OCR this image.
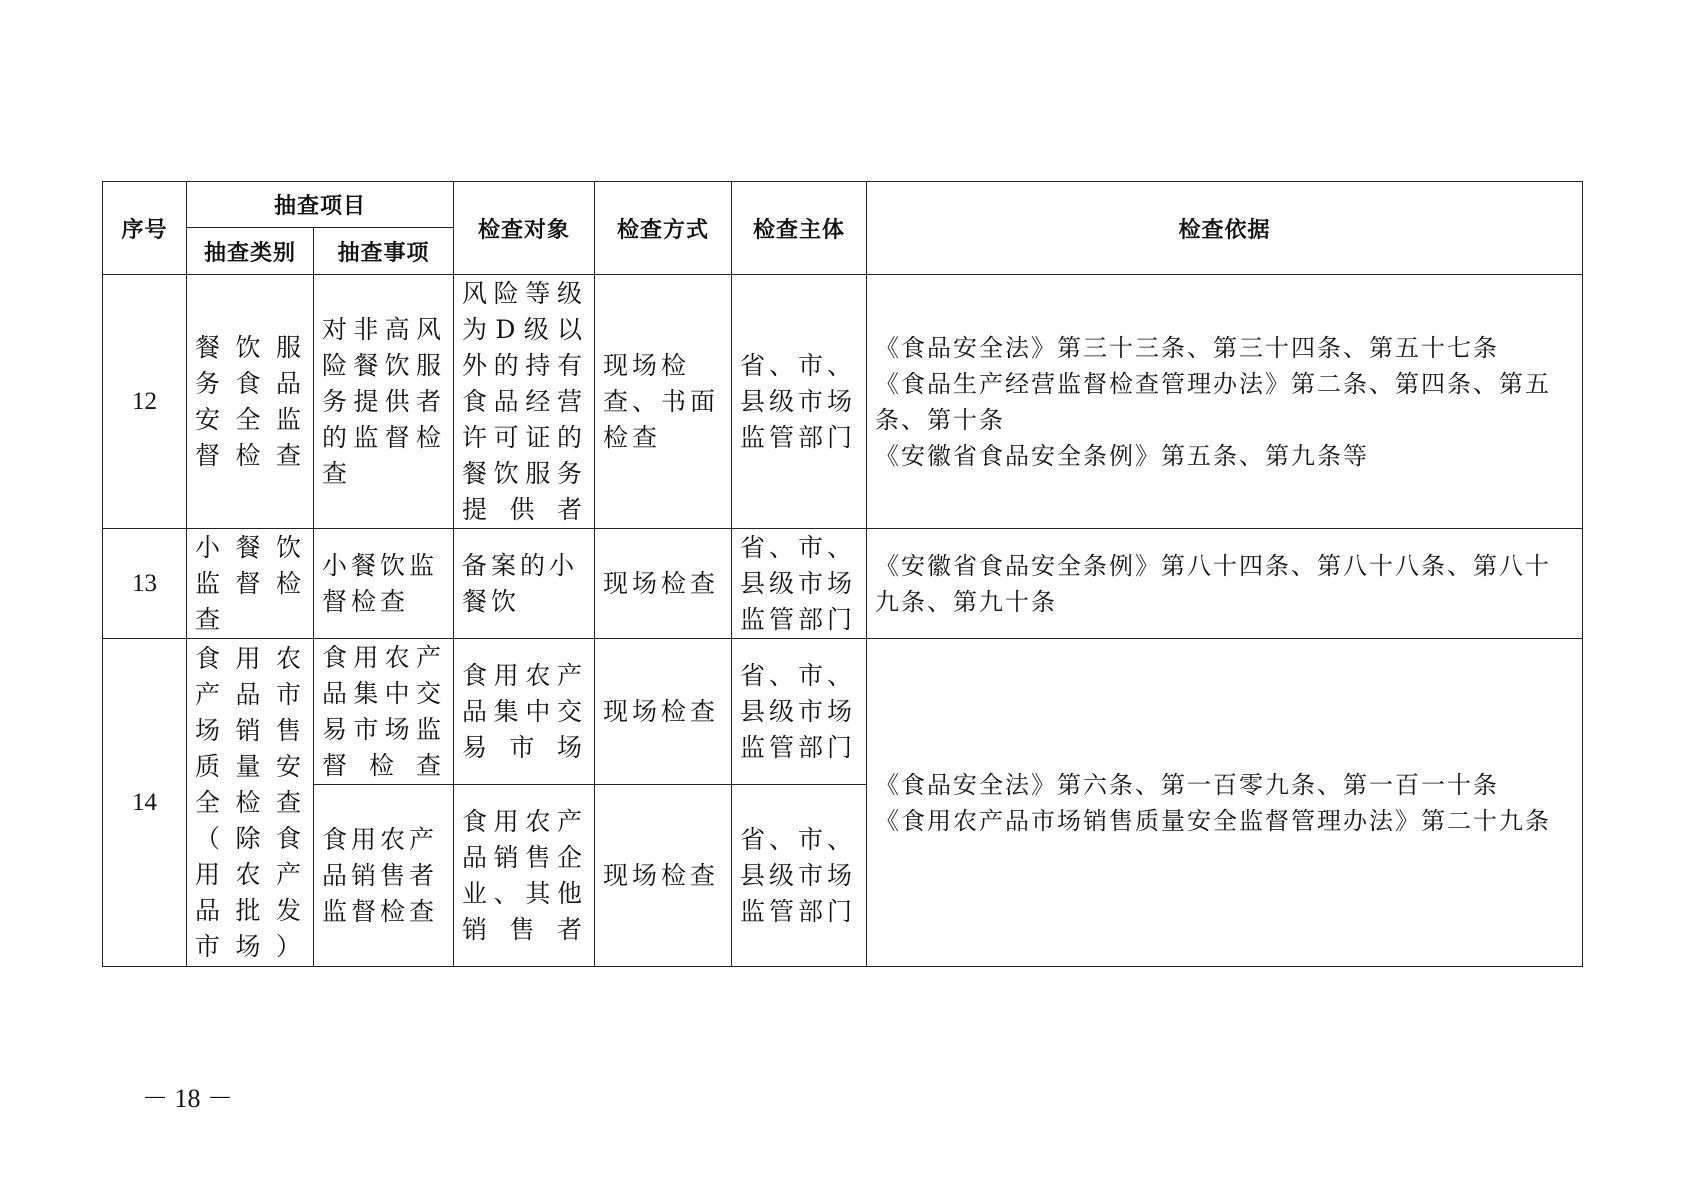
序号	抽查项目		检查对象	检查方式	检查主体	检查依据
	抽查类别	抽查事项				
12	餐饮服务食品安全监督检查	对非高风险餐饮服务提供者的监督检查	风险等级为D级以外的持有食品经营许可证的餐饮服务提供者	现场检查、书面检查	省、市、县级市场监管部门	《食品安全法》第三十三条、第三十四条、第五十七条
《食品生产经营监督检查管理办法》第二条、第四条、第五条、第十条
《安徽省食品安全条例》第五条、第九条等

13	小餐饮监督检查	小餐饮监督检查	备案的小餐饮	现场检查	省、市、县级市场监管部门	《安徽省食品安全条例》第八十四条、第八十八条、第八十九条、第九十条

14	食用农产品市场销售质量安全检查（除食用农产品批发市场）	食用农产品集中交易市场监督检查	食用农产品集中交易市场	现场检查	省、市、县级市场监管部门	《食品安全法》第六条、第一百零九条、第一百一十条
《食用农产品市场销售质量安全监督管理办法》第二十九条

		食用农产品销售者监督检查	食用农产品销售企业、其他销售者	现场检查	省、市、县级市场监管部门	
－ 18 －
